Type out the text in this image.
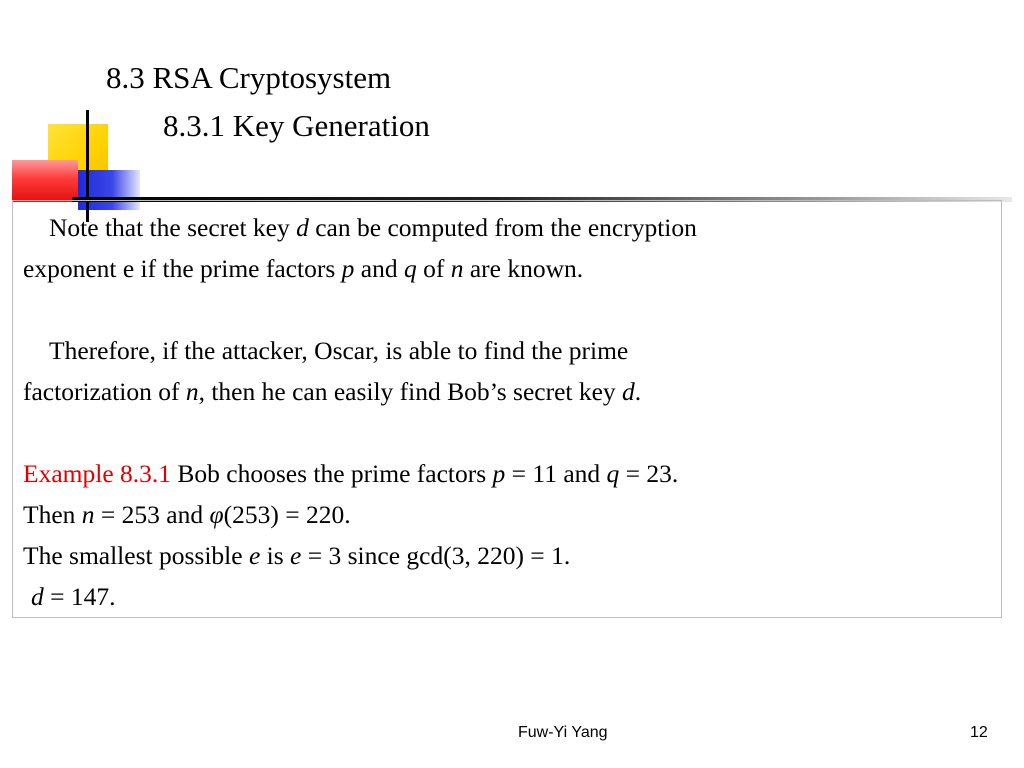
8.3 RSA Cryptosystem
8.3.1 Key Generation
Note that the secret key d can be computed from the encryption
exponent e if the prime factors p and q of n are known.
Therefore, if the attacker, Oscar, is able to find the prime
factorization of n, then he can easily find Bob’s secret key d.
Example 8.3.1 Bob chooses the prime factors p = 11 and q = 23.
Then n = 253 and φ(253) = 220.
The smallest possible e is e = 3 since gcd(3, 220) = 1.
d = 147.
Fuw-Yi Yang	12
